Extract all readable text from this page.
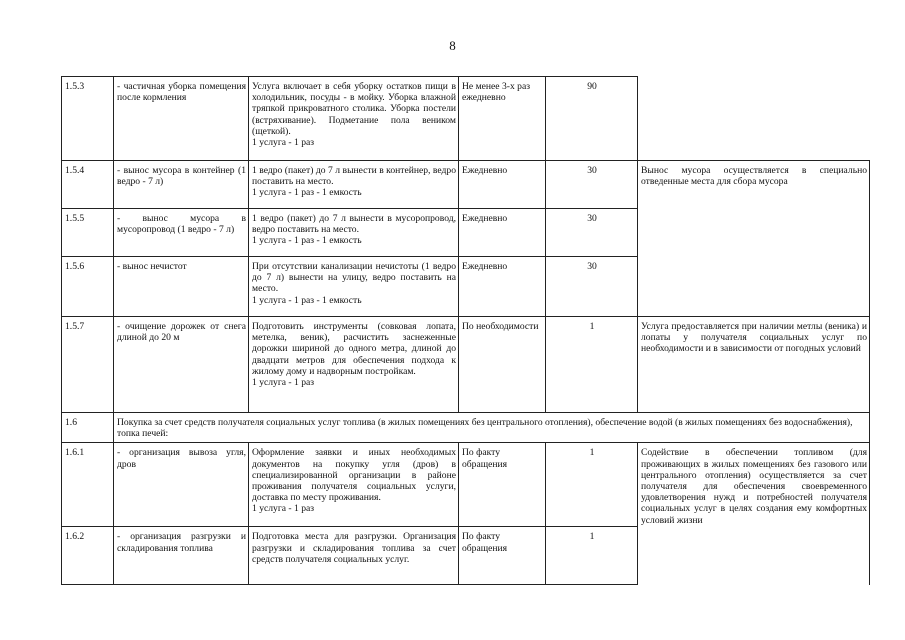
8
1.5.3	- частичная уборка помещения после кормления	Услуга включает в себя уборку остатков пищи в холодильник, посуды - в мойку. Уборка влажной тряпкой прикроватного столика. Уборка постели (встряхивание). Подметание пола веником (щеткой).
1 услуга - 1 раз	Не менее 3-х раз ежедневно	90	
1.5.4	- вынос мусора в контейнер (1 ведро - 7 л)	1 ведро (пакет) до 7 л вынести в контейнер, ведро поставить на место.
1 услуга - 1 раз - 1 емкость	Ежедневно	30	Вынос мусора осуществляется в специально отведенные места для сбора мусора
1.5.5	- вынос мусора в мусоропровод (1 ведро - 7 л)	1 ведро (пакет) до 7 л вынести в мусоропровод, ведро поставить на место.
1 услуга - 1 раз - 1 емкость	Ежедневно	30	
1.5.6	- вынос нечистот	При отсутствии канализации нечистоты (1 ведро до 7 л) вынести на улицу, ведро поставить на место.
1 услуга - 1 раз - 1 емкость	Ежедневно	30	
1.5.7	- очищение дорожек от снега длиной до 20 м	Подготовить инструменты (совковая лопата, метелка, веник), расчистить заснеженные дорожки шириной до одного метра, длиной до двадцати метров для обеспечения подхода к жилому дому и надворным постройкам.
1 услуга - 1 раз	По необходимости	1	Услуга предоставляется при наличии метлы (веника) и лопаты у получателя социальных услуг по необходимости и в зависимости от погодных условий
1.6	Покупка за счет средств получателя социальных услуг топлива (в жилых помещениях без центрального отопления), обеспечение водой (в жилых помещениях без водоснабжения), топка печей:				
1.6.1	- организация вывоза угля, дров	Оформление заявки и иных необходимых документов на покупку угля (дров) в специализированной организации в районе проживания получателя социальных услуги, доставка по месту проживания.
1 услуга - 1 раз	По факту обращения	1	Содействие в обеспечении топливом (для проживающих в жилых помещениях без газового или центрального отопления) осуществляется за счет получателя для обеспечения своевременного удовлетворения нужд и потребностей получателя социальных услуг в целях создания ему комфортных условий жизни
1.6.2	- организация разгрузки и складирования топлива	Подготовка места для разгрузки. Организация разгрузки и складирования топлива за счет средств получателя социальных услуг.	По факту обращения	1	
